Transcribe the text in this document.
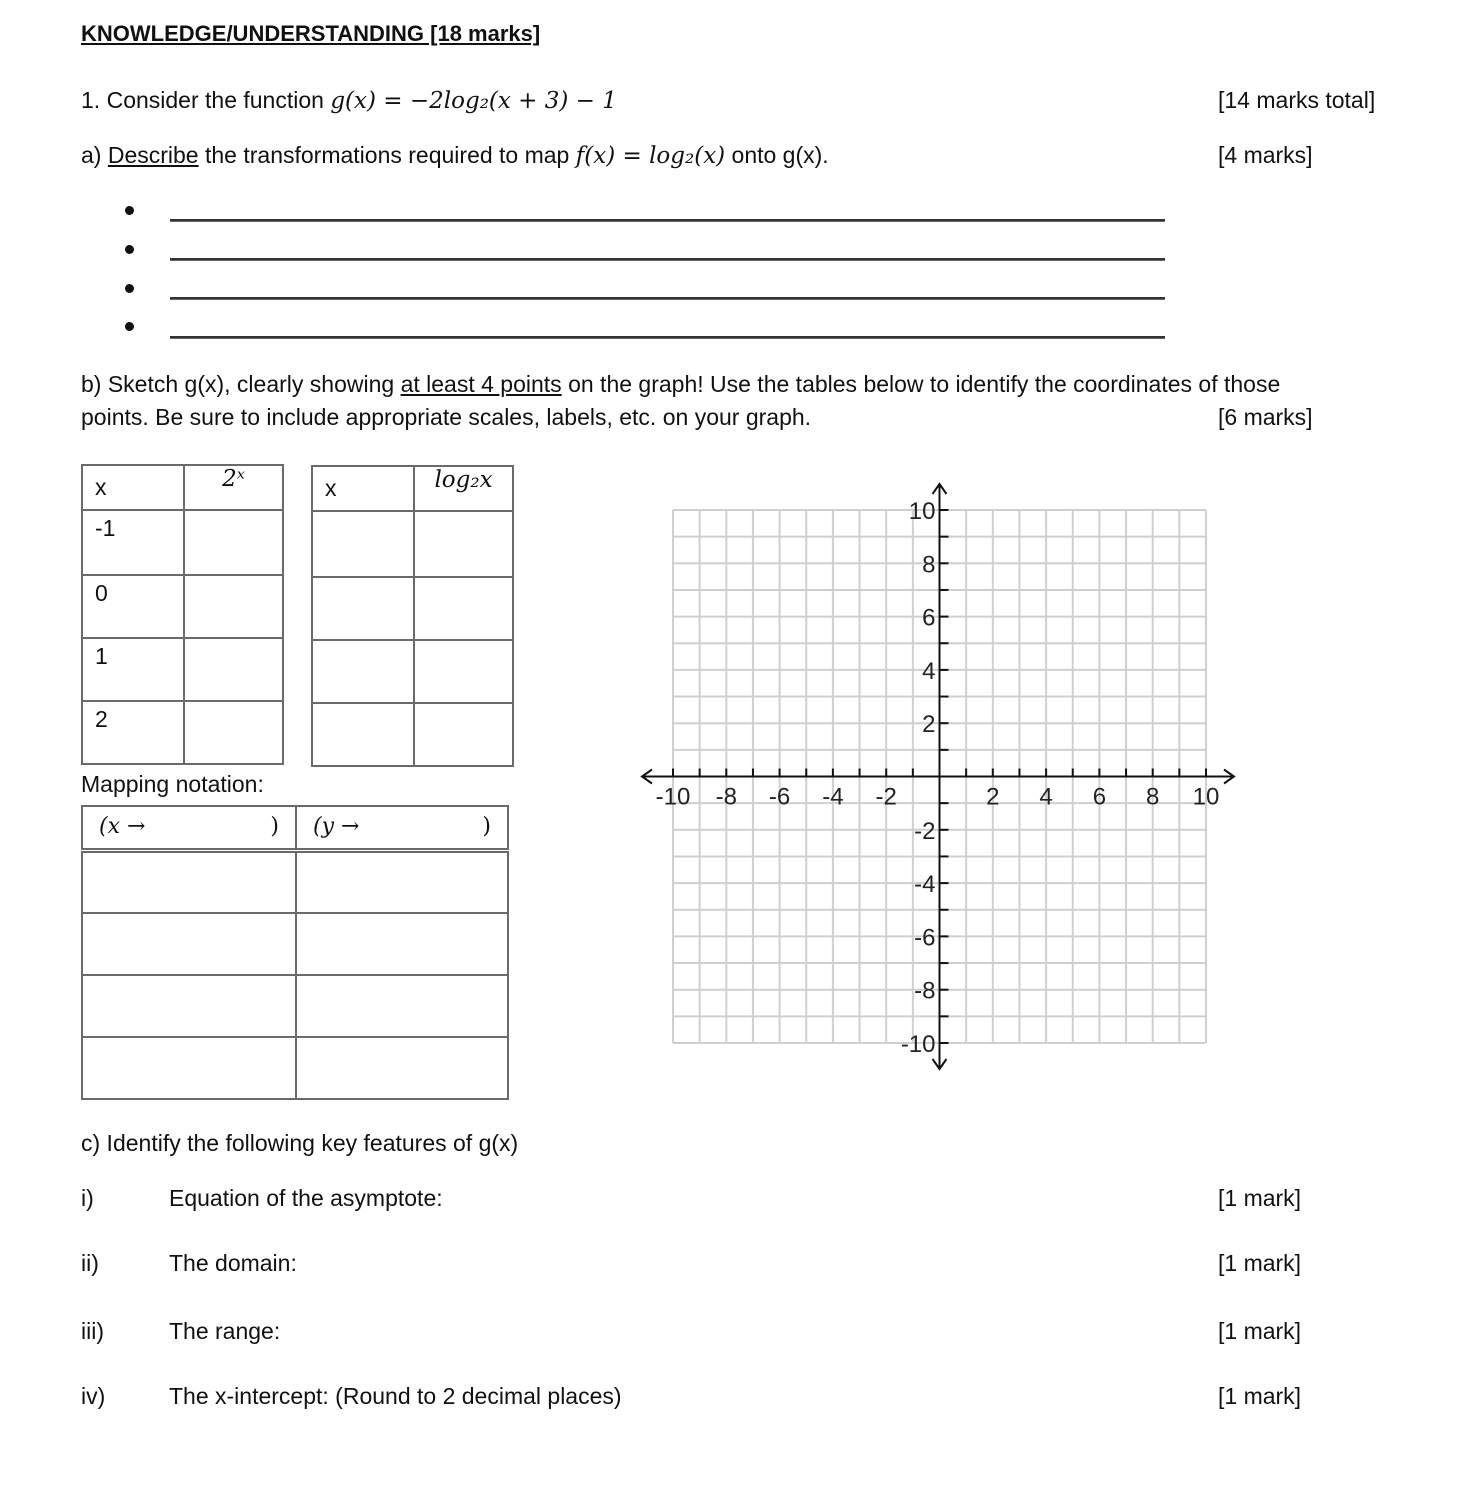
KNOWLEDGE/UNDERSTANDING [18 marks]
1. Consider the function g(x) = −2log₂(x + 3) − 1	[14 marks total]
a) Describe the transformations required to map f(x) = log₂(x) onto g(x).	[4 marks]
b) Sketch g(x), clearly showing at least 4 points on the graph! Use the tables below to identify the coordinates of those
points. Be sure to include appropriate scales, labels, etc. on your graph.	[6 marks]
x	2ˣ

-1	

0	

1	

2	

x	log₂x

Mapping notation:
(x → )	(y → )

-10 -8 -6 -4 -2	2 4 6 8 10
10
8
6
4
2
-2
-4
-6
-8
-10
c) Identify the following key features of g(x)
i)	Equation of the asymptote:	[1 mark]
ii)	The domain:	[1 mark]
iii)	The range:	[1 mark]
iv)	The x-intercept: (Round to 2 decimal places)	[1 mark]
